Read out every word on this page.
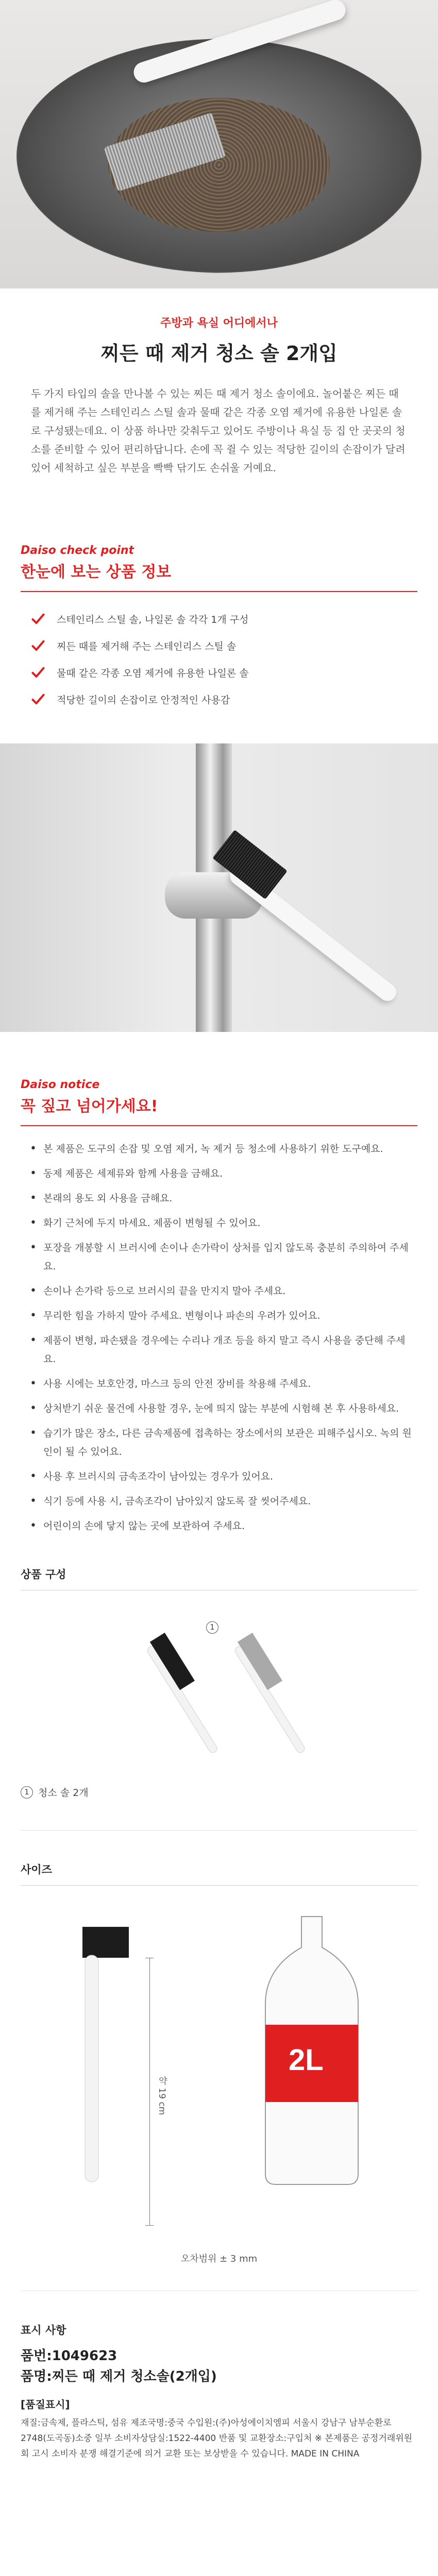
주방과 욕실 어디에서나
찌든 때 제거 청소 솔 2개입

두 가지 타입의 솔을 만나볼 수 있는 찌든 때 제거 청소 솔이에요. 놀어붙은 찌든 때를 제거해 주는 스테인리스 스틸 솔과 물때 같은 각종 오염 제거에 유용한 나일론 솔로 구성됐는데요. 이 상품 하나만 갖춰두고 있어도 주방이나 욕실 등 집 안 곳곳의 청소를 준비할 수 있어 편리하답니다. 손에 꼭 쥘 수 있는 적당한 길이의 손잡이가 달려 있어 세척하고 싶은 부분을 빡빡 닦기도 손쉬울 거예요.

Daiso check point
한눈에 보는 상품 정보
스테인리스 스틸 솔, 나일론 솔 각각 1개 구성
찌든 때를 제거해 주는 스테인리스 스틸 솔
물때 같은 각종 오염 제거에 유용한 나일론 솔
적당한 길이의 손잡이로 안정적인 사용감
Daiso notice
꼭 짚고 넘어가세요!
• 본 제품은 도구의 손잡 및 오염 제거, 녹 제거 등 청소에 사용하기 위한 도구예요.
• 동제 제품은 세제류와 함께 사용을 금해요.
• 본래의 용도 외 사용을 금해요.
• 화기 근처에 두지 마세요. 제품이 변형될 수 있어요.
• 포장을 개봉할 시 브러시에 손이나 손가락이 상처를 입지 않도록 충분히 주의하여 주세요.
• 손이나 손가락 등으로 브러시의 끝을 만지지 말아 주세요.
• 무리한 힘을 가하지 말아 주세요. 변형이나 파손의 우려가 있어요.
• 제품이 변형, 파손됐을 경우에는 수리나 개조 등을 하지 말고 즉시 사용을 중단해 주세요.
• 사용 시에는 보호안경, 마스크 등의 안전 장비를 착용해 주세요.
• 상처받기 쉬운 물건에 사용할 경우, 눈에 띄지 않는 부분에 시험해 본 후 사용하세요.
• 습기가 많은 장소, 다른 금속제품에 접촉하는 장소에서의 보관은 피해주십시오. 녹의 원인이 될 수 있어요.
• 사용 후 브러시의 금속조각이 남아있는 경우가 있어요.
• 식기 등에 사용 시, 금속조각이 남아있지 않도록 잘 씻어주세요.
• 어린이의 손에 닿지 않는 곳에 보관하여 주세요.
상품 구성
1
1 청소 솔 2개
사이즈
약 19 cm
2L
오차범위 ± 3 mm
표시 사항
품번:1049623
품명:찌든 때 제거 청소솔(2개입)
[품질표시]
재질:금속제, 플라스틱, 섬유 제조국명:중국 수입원:(주)아성에이치엠피 서울시 강남구 남부순환로 2748(도곡동)소중 일부 소비자상담실:1522-4400 반품 및 교환장소:구입처 ※ 본제품은 공정거래위원회 고시 소비자 분쟁 해결기준에 의거 교환 또는 보상받을 수 있습니다. MADE IN CHINA
